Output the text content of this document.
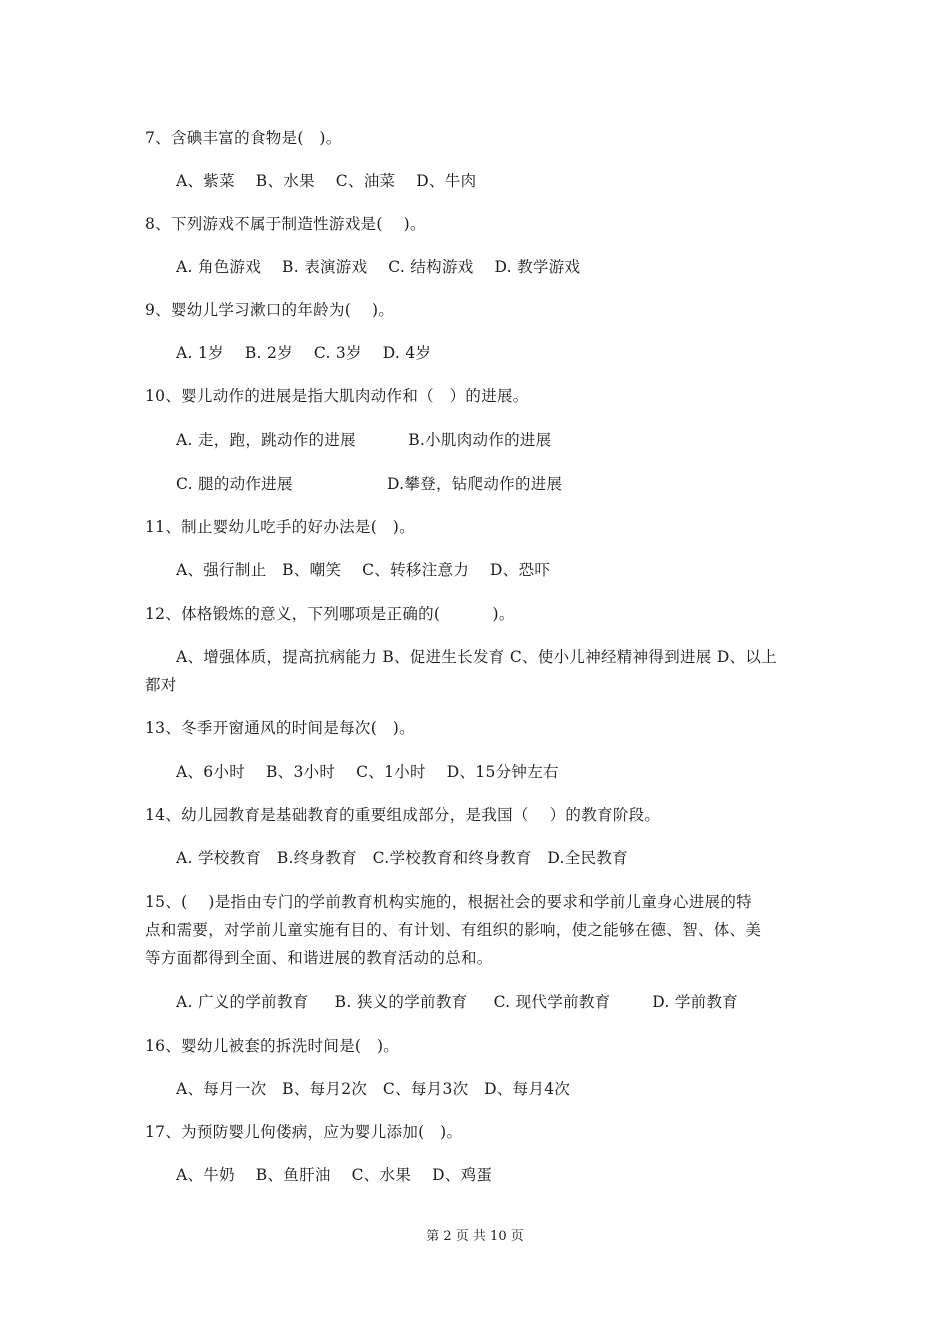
7、含碘丰富的食物是(   )。
A、紫菜    B、水果    C、油菜    D、牛肉
8、下列游戏不属于制造性游戏是(    )。
A. 角色游戏    B. 表演游戏    C. 结构游戏    D. 教学游戏
9、婴幼儿学习漱口的年龄为(    )。
A. 1岁    B. 2岁    C. 3岁    D. 4岁
10、婴儿动作的进展是指大肌肉动作和（   ）的进展。
A. 走，跑，跳动作的进展          B.小肌肉动作的进展
C. 腿的动作进展                  D.攀登，钻爬动作的进展
11、制止婴幼儿吃手的好办法是(   )。
A、强行制止   B、嘲笑    C、转移注意力    D、恐吓
12、体格锻炼的意义，下列哪项是正确的(          )。
A、增强体质，提高抗病能力 B、促进生长发育 C、使小儿神经精神得到进展 D、以上
都对
13、冬季开窗通风的时间是每次(   )。
A、6小时    B、3小时    C、1小时    D、15分钟左右
14、幼儿园教育是基础教育的重要组成部分，是我国（    ）的教育阶段。
A. 学校教育   B.终身教育   C.学校教育和终身教育   D.全民教育
15、(    )是指由专门的学前教育机构实施的，根据社会的要求和学前儿童身心进展的特
点和需要，对学前儿童实施有目的、有计划、有组织的影响，使之能够在德、智、体、美
等方面都得到全面、和谐进展的教育活动的总和。
A. 广义的学前教育     B. 狭义的学前教育     C. 现代学前教育        D. 学前教育
16、婴幼儿被套的拆洗时间是(   )。
A、每月一次   B、每月2次   C、每月3次   D、每月4次
17、为预防婴儿佝偻病，应为婴儿添加(   )。
A、牛奶    B、鱼肝油    C、水果    D、鸡蛋
第 2 页 共 10 页
